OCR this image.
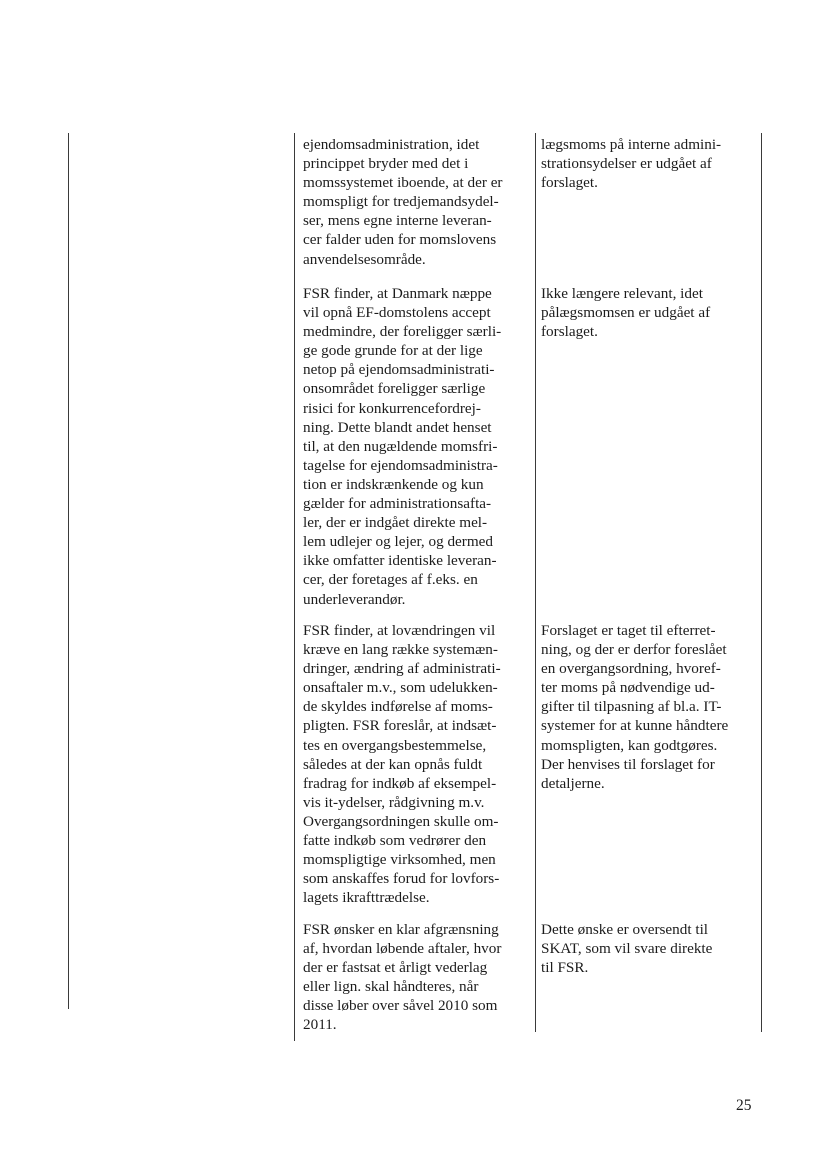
ejendomsadministration, idet
princippet bryder med det i
momssystemet iboende, at der er
momspligt for tredjemandsydel-
ser, mens egne interne leveran-
cer falder uden for momslovens
anvendelsesområde.

lægsmoms på interne admini-
strationsydelser er udgået af
forslaget.

FSR finder, at Danmark næppe
vil opnå EF-domstolens accept
medmindre, der foreligger særli-
ge gode grunde for at der lige
netop på ejendomsadministrati-
onsområdet foreligger særlige
risici for konkurrencefordrej-
ning. Dette blandt andet henset
til, at den nugældende momsfri-
tagelse for ejendomsadministra-
tion er indskrænkende og kun
gælder for administrationsafta-
ler, der er indgået direkte mel-
lem udlejer og lejer, og dermed
ikke omfatter identiske leveran-
cer, der foretages af f.eks. en
underleverandør.

Ikke længere relevant, idet
pålægsmomsen er udgået af
forslaget.

FSR finder, at lovændringen vil
kræve en lang række systemæn-
dringer, ændring af administrati-
onsaftaler m.v., som udelukken-
de skyldes indførelse af moms-
pligten. FSR foreslår, at indsæt-
tes en overgangsbestemmelse,
således at der kan opnås fuldt
fradrag for indkøb af eksempel-
vis it-ydelser, rådgivning m.v.
Overgangsordningen skulle om-
fatte indkøb som vedrører den
momspligtige virksomhed, men
som anskaffes forud for lovfors-
lagets ikrafttrædelse.

Forslaget er taget til efterret-
ning, og der er derfor foreslået
en overgangsordning, hvoref-
ter moms på nødvendige ud-
gifter til tilpasning af bl.a. IT-
systemer for at kunne håndtere
momspligten, kan godtgøres.
Der henvises til forslaget for
detaljerne.

FSR ønsker en klar afgrænsning
af, hvordan løbende aftaler, hvor
der er fastsat et årligt vederlag
eller lign. skal håndteres, når
disse løber over såvel 2010 som
2011.

Dette ønske er oversendt til
SKAT, som vil svare direkte
til FSR.

25
